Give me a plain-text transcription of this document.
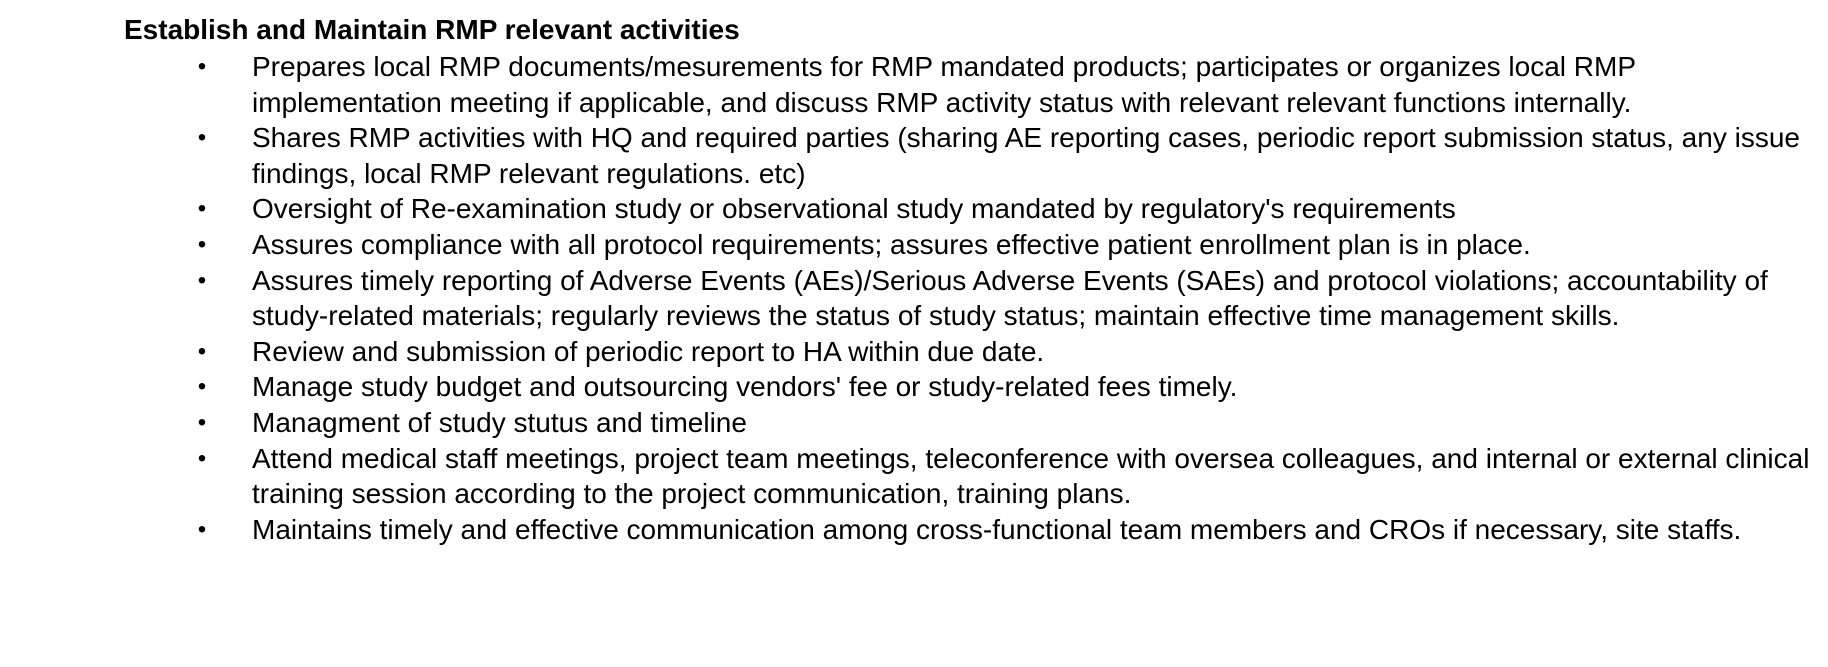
Establish and Maintain RMP relevant activities
• Prepares local RMP documents/mesurements for RMP mandated products; participates or organizes local RMP implementation meeting if applicable, and discuss RMP activity status with relevant relevant functions internally.
• Shares RMP activities with HQ and required parties (sharing AE reporting cases, periodic report submission status, any issue findings, local RMP relevant regulations. etc)
• Oversight of Re-examination study or observational study mandated by regulatory's requirements
• Assures compliance with all protocol requirements; assures effective patient enrollment plan is in place.
• Assures timely reporting of Adverse Events (AEs)/Serious Adverse Events (SAEs) and protocol violations; accountability of study-related materials; regularly reviews the status of study status; maintain effective time management skills.
• Review and submission of periodic report to HA within due date.
• Manage study budget and outsourcing vendors' fee or study-related fees timely.
• Managment of study stutus and timeline
• Attend medical staff meetings, project team meetings, teleconference with oversea colleagues, and internal or external clinical training session according to the project communication, training plans.
• Maintains timely and effective communication among cross-functional team members and CROs if necessary, site staffs.
